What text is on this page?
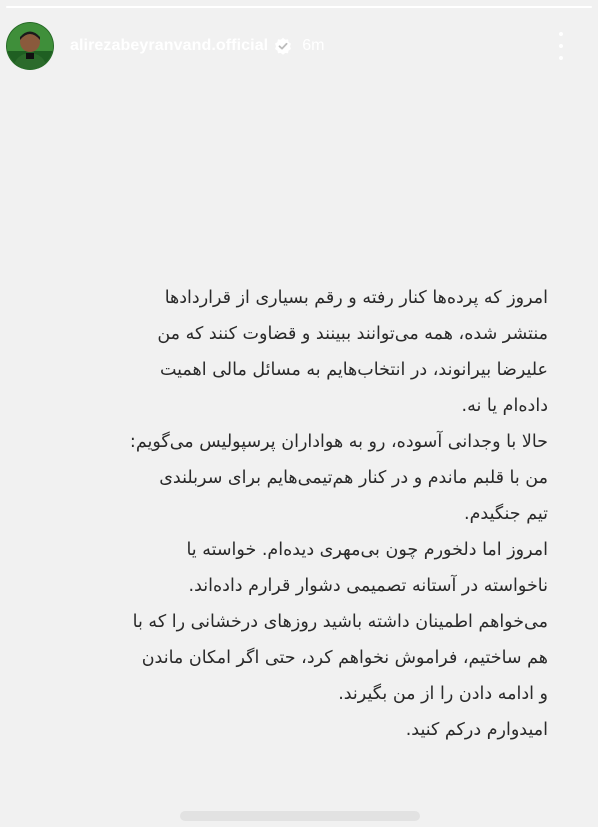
alirezabeyranvand.official 6m

امروز که پرده‌ها کنار رفته و رقم بسیاری از قراردادها
منتشر شده، همه می‌توانند ببینند و قضاوت کنند که من
علیرضا بیرانوند، در انتخاب‌هایم به مسائل مالی اهمیت
داده‌ام یا نه.

حالا با وجدانی آسوده، رو به هواداران پرسپولیس می‌گویم:
من با قلبم ماندم و در کنار هم‌تیمی‌هایم برای سربلندی
تیم جنگیدم.

امروز اما دلخورم چون بی‌مهری دیده‌ام. خواسته یا
ناخواسته در آستانه تصمیمی دشوار قرارم داده‌اند.

می‌خواهم اطمینان داشته باشید روزهای درخشانی را که با
هم ساختیم، فراموش نخواهم کرد، حتی اگر امکان ماندن
و ادامه دادن را از من بگیرند.

امیدوارم درکم کنید.
